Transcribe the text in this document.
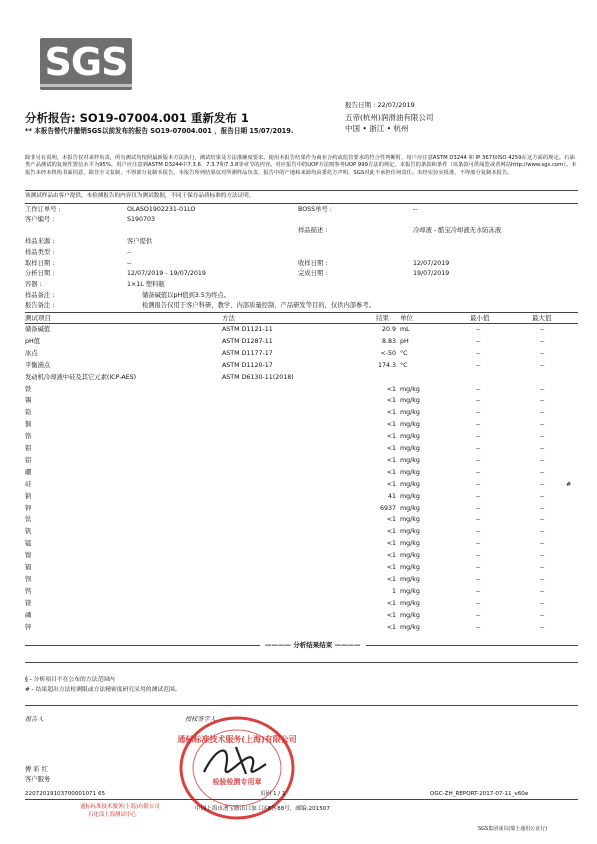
SGS
报告日期 : 22/07/2019
分析报告: SO19-07004.001 重新发布 1
** 本报告替代并撤销SGS以前发布的报告 SO19-07004.001 ，报告日期 15/07/2019.
五帝(杭州)润滑油有限公司
中国 • 浙江 • 杭州
除非另有说明，本报告仅对来样负责，所有测试均按照最新版本方法执行，测试结果及方法准确度要求。使用本报告结果作为商业合约或监管要求的符合性判断时，用户应注意ASTM D3244 和 IP 367和ISO 4259在这方面的规定。石油类产品测试的复现性置信水平为95%。用户应注意到ASTM D3244中7.3.6、7.3.7和7.3.8等章节的内容。对应报告中的UOP方法则参考UOP 999方法的规定。本报告的条款和条件（该条款可供阅览或者网站http://www.sgs.com）。本报告未经本机构书面同意，除非全文复制，不得部分复制本报告。本报告所列结果仅对所测样品负责，报告中的产地和来源均由委托方声明，SGS对此不承担任何责任。未经实验室批准，不得部分复制本报告。
该测试样品由客户提供，本检测报告的内容仅为测试数据，不同于保存品质标准的方法证明。
工作订单号 :	OLASO1902231-01LO	BOSS单号 :	--
客户编号 :	S190703
样品描述 :	冷却液 - 酷宝冷却液无水防冻液
样品来源 :	客户提供
样品类型 :	--
取样日期 :	--	收样日期 :	12/07/2019
分析日期 :	12/07/2019 - 19/07/2019	完成日期 :	19/07/2019
容器 :	1×1L 塑料瓶
样品备注 :	储备碱值以pH值到3.5为终点。
报告备注 :	检测报告仅用于客户科研、教学、内部质量控制、产品研发等目的，仅供内部参考。
测试项目	方法	结果 单位	最小值	最大值
储备碱值	ASTM D1121-11	20.9 mL	--	--
pH值	ASTM D1287-11	8.83 pH	--	--
冰点	ASTM D1177-17	<-50 °C	--	--
平衡沸点	ASTM D1120-17	174.3 °C	--	--
发动机冷却液中硅及其它元素(ICP-AES)	ASTM D6130-11(2018)
铁	<1 mg/kg	--	--
锡	<1 mg/kg	--	--
铅	<1 mg/kg	--	--
铜	<1 mg/kg	--	--
铬	<1 mg/kg	--	--
钼	<1 mg/kg	--	--
铝	<1 mg/kg	--	--
硼	<1 mg/kg	--	--
硅	<1 mg/kg	--	--	#
钠	41 mg/kg	--	--
钾	6937 mg/kg	--	--
钛	<1 mg/kg	--	--
钒	<1 mg/kg	--	--
锰	<1 mg/kg	--	--
镍	<1 mg/kg	--	--
镉	<1 mg/kg	--	--
钡	<1 mg/kg	--	--
钙	1 mg/kg	--	--
镁	<1 mg/kg	--	--
磷	<1 mg/kg	--	--
锌	<1 mg/kg	--	--
———— 分析结果结束 ————
§ - 分析项目不在公布的方法范围内
# - 结果超出方法检测限或方法精密度研究采用的测试范围。
报告人	授权签字人
傅 彩 红
客户服务
通标标准技术服务(上海)有限公司
检验检测专用章
22072019103700001071 65	页码 1 / 1	OGC-ZH_REPORT-2017-07-11_v60e
通标标准技术服务(上海)有限公司
石化部上海测试中心
中国上海市漕宝路出口加工区B区88号，邮编:201507
SGS集团成员(瑞士通用公证行)
